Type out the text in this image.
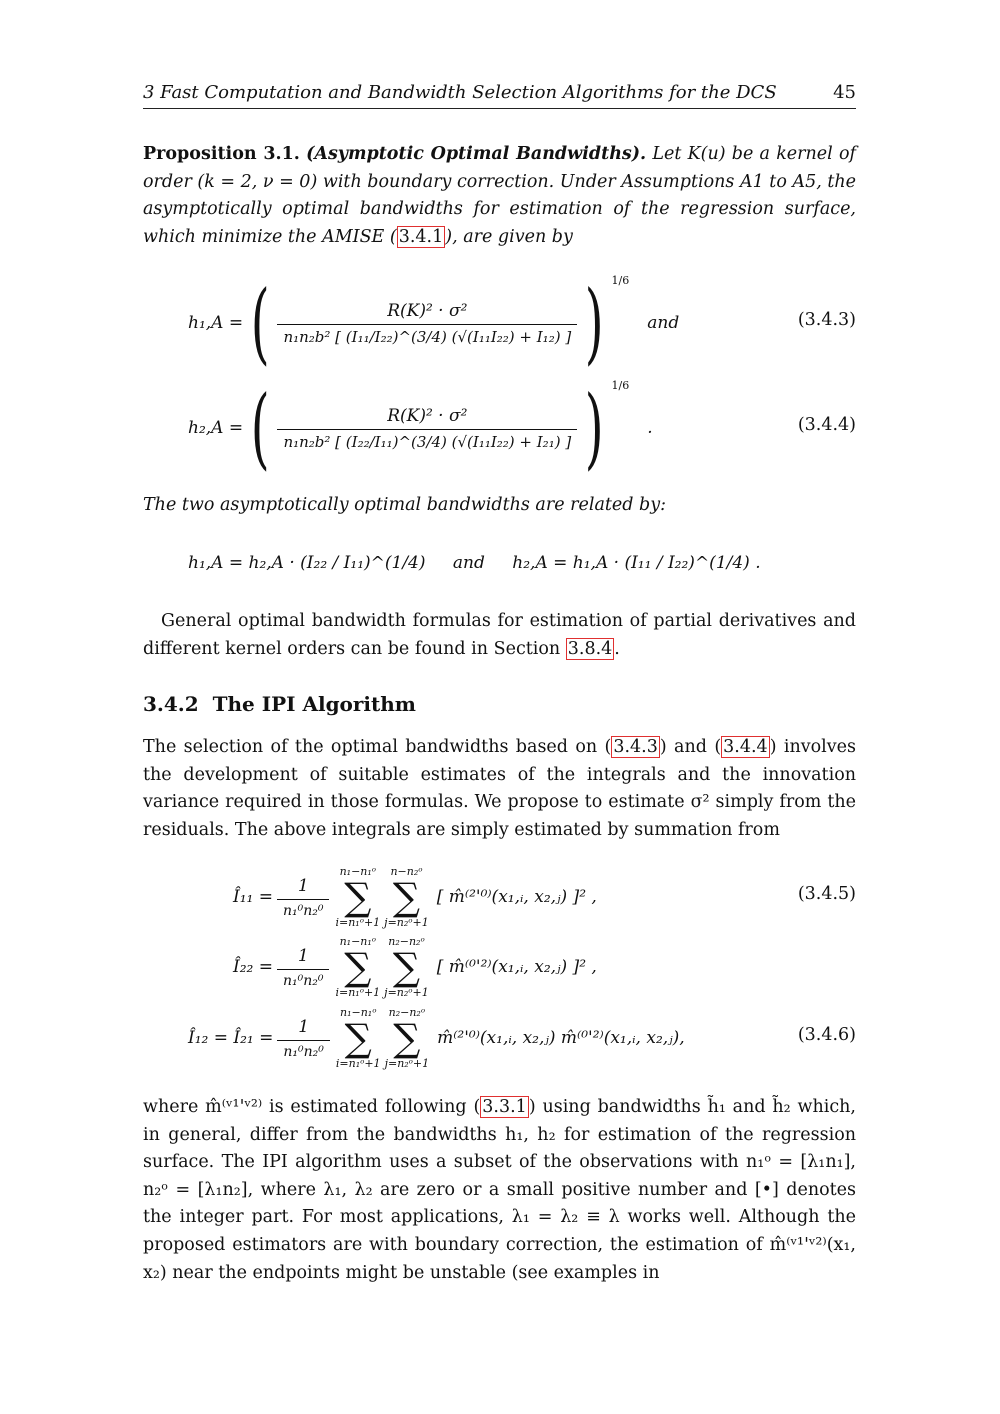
3 Fast Computation and Bandwidth Selection Algorithms for the DCS	45
Proposition 3.1. (Asymptotic Optimal Bandwidths). Let K(u) be a kernel of order (k = 2, ν = 0) with boundary correction. Under Assumptions A1 to A5, the asymptotically optimal bandwidths for estimation of the regression surface, which minimize the AMISE ( 3.4.1 ), are given by
h₁,A = ( $\frac{\text{R(K)² · σ²}}{\text{n₁n₂b² [ (I₁₁/I₂₂)\textasciicircum{}(3/4) (√(I₁₁I₂₂) + I₁₂) ]}}$ ) 1/6
and	(3.4.3)
h₂,A = ( $\frac{\text{R(K)² · σ²}}{\text{n₁n₂b² [ (I₂₂/I₁₁)\textasciicircum{}(3/4) (√(I₁₁I₂₂) + I₂₁) ]}}$ ) 1/6
.	(3.4.4)
The two asymptotically optimal bandwidths are related by:
h₁,A = h₂,A · (I₂₂ / I₁₁)^(1/4) and h₂,A = h₁,A · (I₁₁ / I₂₂)^(1/4) .
General optimal bandwidth formulas for estimation of partial derivatives and different kernel orders can be found in Section 3.8.4 .
3.4.2 The IPI Algorithm
The selection of the optimal bandwidths based on ( 3.4.3 ) and ( 3.4.4 ) involves the development of suitable estimates of the integrals and the innovation variance required in those formulas. We propose to estimate σ² simply from the residuals. The above integrals are simply estimated by summation from
Î₁₁ = $\frac{1}{\text{n₁⁰n₂⁰}}$
n₁−n₁ᵒ
∑
i=n₁ᵒ+1
n−n₂ᵒ
∑
j=n₂ᵒ+1
[ m̂⁽²'⁰⁾(x₁,ᵢ, x₂,ⱼ) ]² ,	(3.4.5)
Î₂₂ = $\frac{1}{\text{n₁⁰n₂⁰}}$
n₁−n₁ᵒ
∑
i=n₁ᵒ+1
n₂−n₂ᵒ
∑
j=n₂ᵒ+1
[ m̂⁽⁰'²⁾(x₁,ᵢ, x₂,ⱼ) ]² ,
Î₁₂ = Î₂₁ = $\frac{1}{\text{n₁⁰n₂⁰}}$
n₁−n₁ᵒ
∑
i=n₁ᵒ+1
n₂−n₂ᵒ
∑
j=n₂ᵒ+1
m̂⁽²'⁰⁾(x₁,ᵢ, x₂,ⱼ) m̂⁽⁰'²⁾(x₁,ᵢ, x₂,ⱼ),	(3.4.6)
where m̂⁽ᵛ¹'ᵛ²⁾ is estimated following ( 3.3.1 ) using bandwidths h̃₁ and h̃₂ which, in general, differ from the bandwidths h₁, h₂ for estimation of the regression surface. The IPI algorithm uses a subset of the observations with n₁ᵒ = [λ₁n₁], n₂ᵒ = [λ₁n₂], where λ₁, λ₂ are zero or a small positive number and [•] denotes the integer part. For most applications, λ₁ = λ₂ ≡ λ works well. Although the proposed estimators are with boundary correction, the estimation of m̂⁽ᵛ¹'ᵛ²⁾(x₁, x₂) near the endpoints might be unstable (see examples in
